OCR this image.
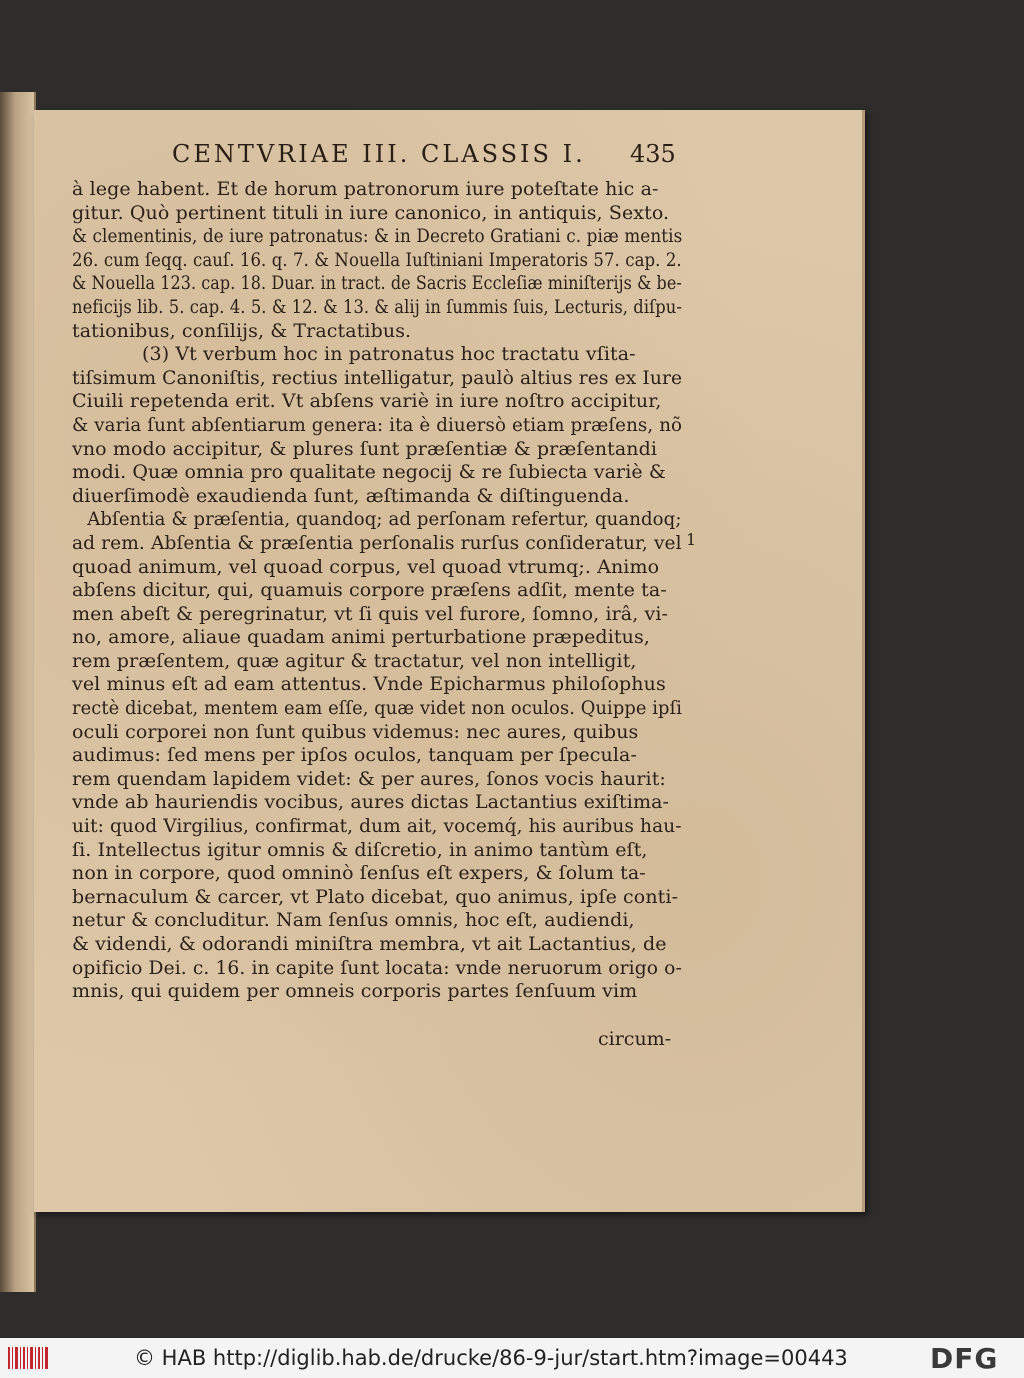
CENTVRIAE III. CLASSIS I.	435
à lege habent. Et de horum patronorum iure poteſtate hic a-
gitur. Quò pertinent tituli in iure canonico, in antiquis, Sexto.
& clementinis, de iure patronatus: & in Decreto Gratiani c. piæ mentis
26. cum ſeqq. cauſ. 16. q. 7. & Nouella Iuſtiniani Imperatoris 57. cap. 2.
& Nouella 123. cap. 18. Duar. in tract. de Sacris Eccleſiæ miniſterijs & be-
neficijs lib. 5. cap. 4. 5. & 12. & 13. & alij in ſummis ſuis, Lecturis, diſpu-
tationibus, conſilijs, & Tractatibus.
(3) Vt verbum hoc in patronatus hoc tractatu vſita-
tiſsimum Canoniſtis, rectius intelligatur, paulò altius res ex Iure
Ciuili repetenda erit. Vt abſens variè in iure noſtro accipitur,
& varia ſunt abſentiarum genera: ita è diuersò etiam præſens, nõ
vno modo accipitur, & plures ſunt præſentiæ & præſentandi
modi. Quæ omnia pro qualitate negocij & re ſubiecta variè &
diuerſimodè exaudienda ſunt, æſtimanda & diſtinguenda.
Abſentia & præſentia, quandoq; ad perſonam refertur, quandoq;
ad rem. Abſentia & præſentia perſonalis rurſus conſideratur, vel
quoad animum, vel quoad corpus, vel quoad vtrumq;. Animo
abſens dicitur, qui, quamuis corpore præſens adſit, mente ta-
men abeſt & peregrinatur, vt ſi quis vel furore, ſomno, irâ, vi-
no, amore, aliaue quadam animi perturbatione præpeditus,
rem præſentem, quæ agitur & tractatur, vel non intelligit,
vel minus eſt ad eam attentus. Vnde Epicharmus philoſophus
rectè dicebat, mentem eam eſſe, quæ videt non oculos. Quippe ipſi
oculi corporei non ſunt quibus videmus: nec aures, quibus
audimus: ſed mens per ipſos oculos, tanquam per ſpecula-
rem quendam lapidem videt: & per aures, ſonos vocis haurit:
vnde ab hauriendis vocibus, aures dictas Lactantius exiſtima-
uit: quod Virgilius, confirmat, dum ait, vocemq́, his auribus hau-
ſi. Intellectus igitur omnis & diſcretio, in animo tantùm eſt,
non in corpore, quod omninò ſenſus eſt expers, & ſolum ta-
bernaculum & carcer, vt Plato dicebat, quo animus, ipſe conti-
netur & concluditur. Nam ſenſus omnis, hoc eſt, audiendi,
& videndi, & odorandi miniſtra membra, vt ait Lactantius, de
opificio Dei. c. 16. in capite ſunt locata: vnde neruorum origo o-
mnis, qui quidem per omneis corporis partes ſenſuum vim
1
circum-
© HAB http://diglib.hab.de/drucke/86-9-jur/start.htm?image=00443	DFG
